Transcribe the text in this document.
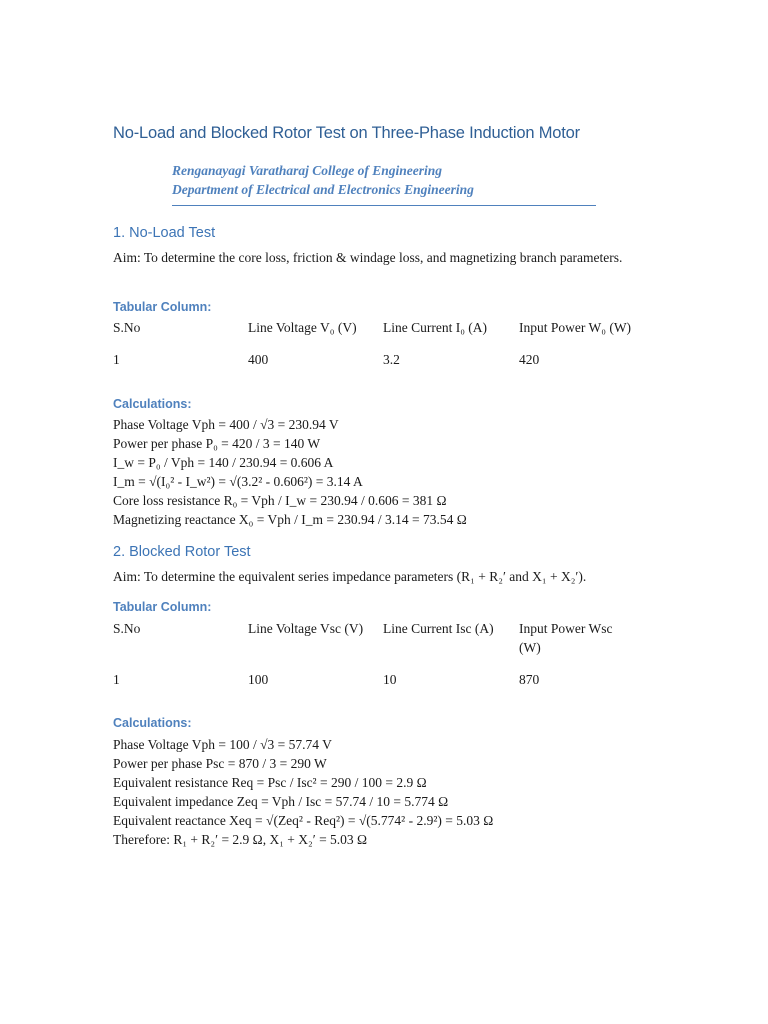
No-Load and Blocked Rotor Test on Three-Phase Induction Motor
Renganayagi Varatharaj College of Engineering
Department of Electrical and Electronics Engineering
1. No-Load Test
Aim: To determine the core loss, friction & windage loss, and magnetizing branch parameters.
Tabular Column:
S.No	Line Voltage V₀ (V)	Line Current I₀ (A)	Input Power W₀ (W)
1	400	3.2	420
Calculations:
Phase Voltage Vph = 400 / √3 = 230.94 V
Power per phase P₀ = 420 / 3 = 140 W
I_w = P₀ / Vph = 140 / 230.94 = 0.606 A
I_m = √(I₀² - I_w²) = √(3.2² - 0.606²) = 3.14 A
Core loss resistance R₀ = Vph / I_w = 230.94 / 0.606 = 381 Ω
Magnetizing reactance X₀ = Vph / I_m = 230.94 / 3.14 = 73.54 Ω
2. Blocked Rotor Test
Aim: To determine the equivalent series impedance parameters (R₁ + R₂′ and X₁ + X₂′).
Tabular Column:
S.No	Line Voltage Vsc (V)	Line Current Isc (A)	Input Power Wsc (W)
1	100	10	870
Calculations:
Phase Voltage Vph = 100 / √3 = 57.74 V
Power per phase Psc = 870 / 3 = 290 W
Equivalent resistance Req = Psc / Isc² = 290 / 100 = 2.9 Ω
Equivalent impedance Zeq = Vph / Isc = 57.74 / 10 = 5.774 Ω
Equivalent reactance Xeq = √(Zeq² - Req²) = √(5.774² - 2.9²) = 5.03 Ω
Therefore: R₁ + R₂′ = 2.9 Ω, X₁ + X₂′ = 5.03 Ω
